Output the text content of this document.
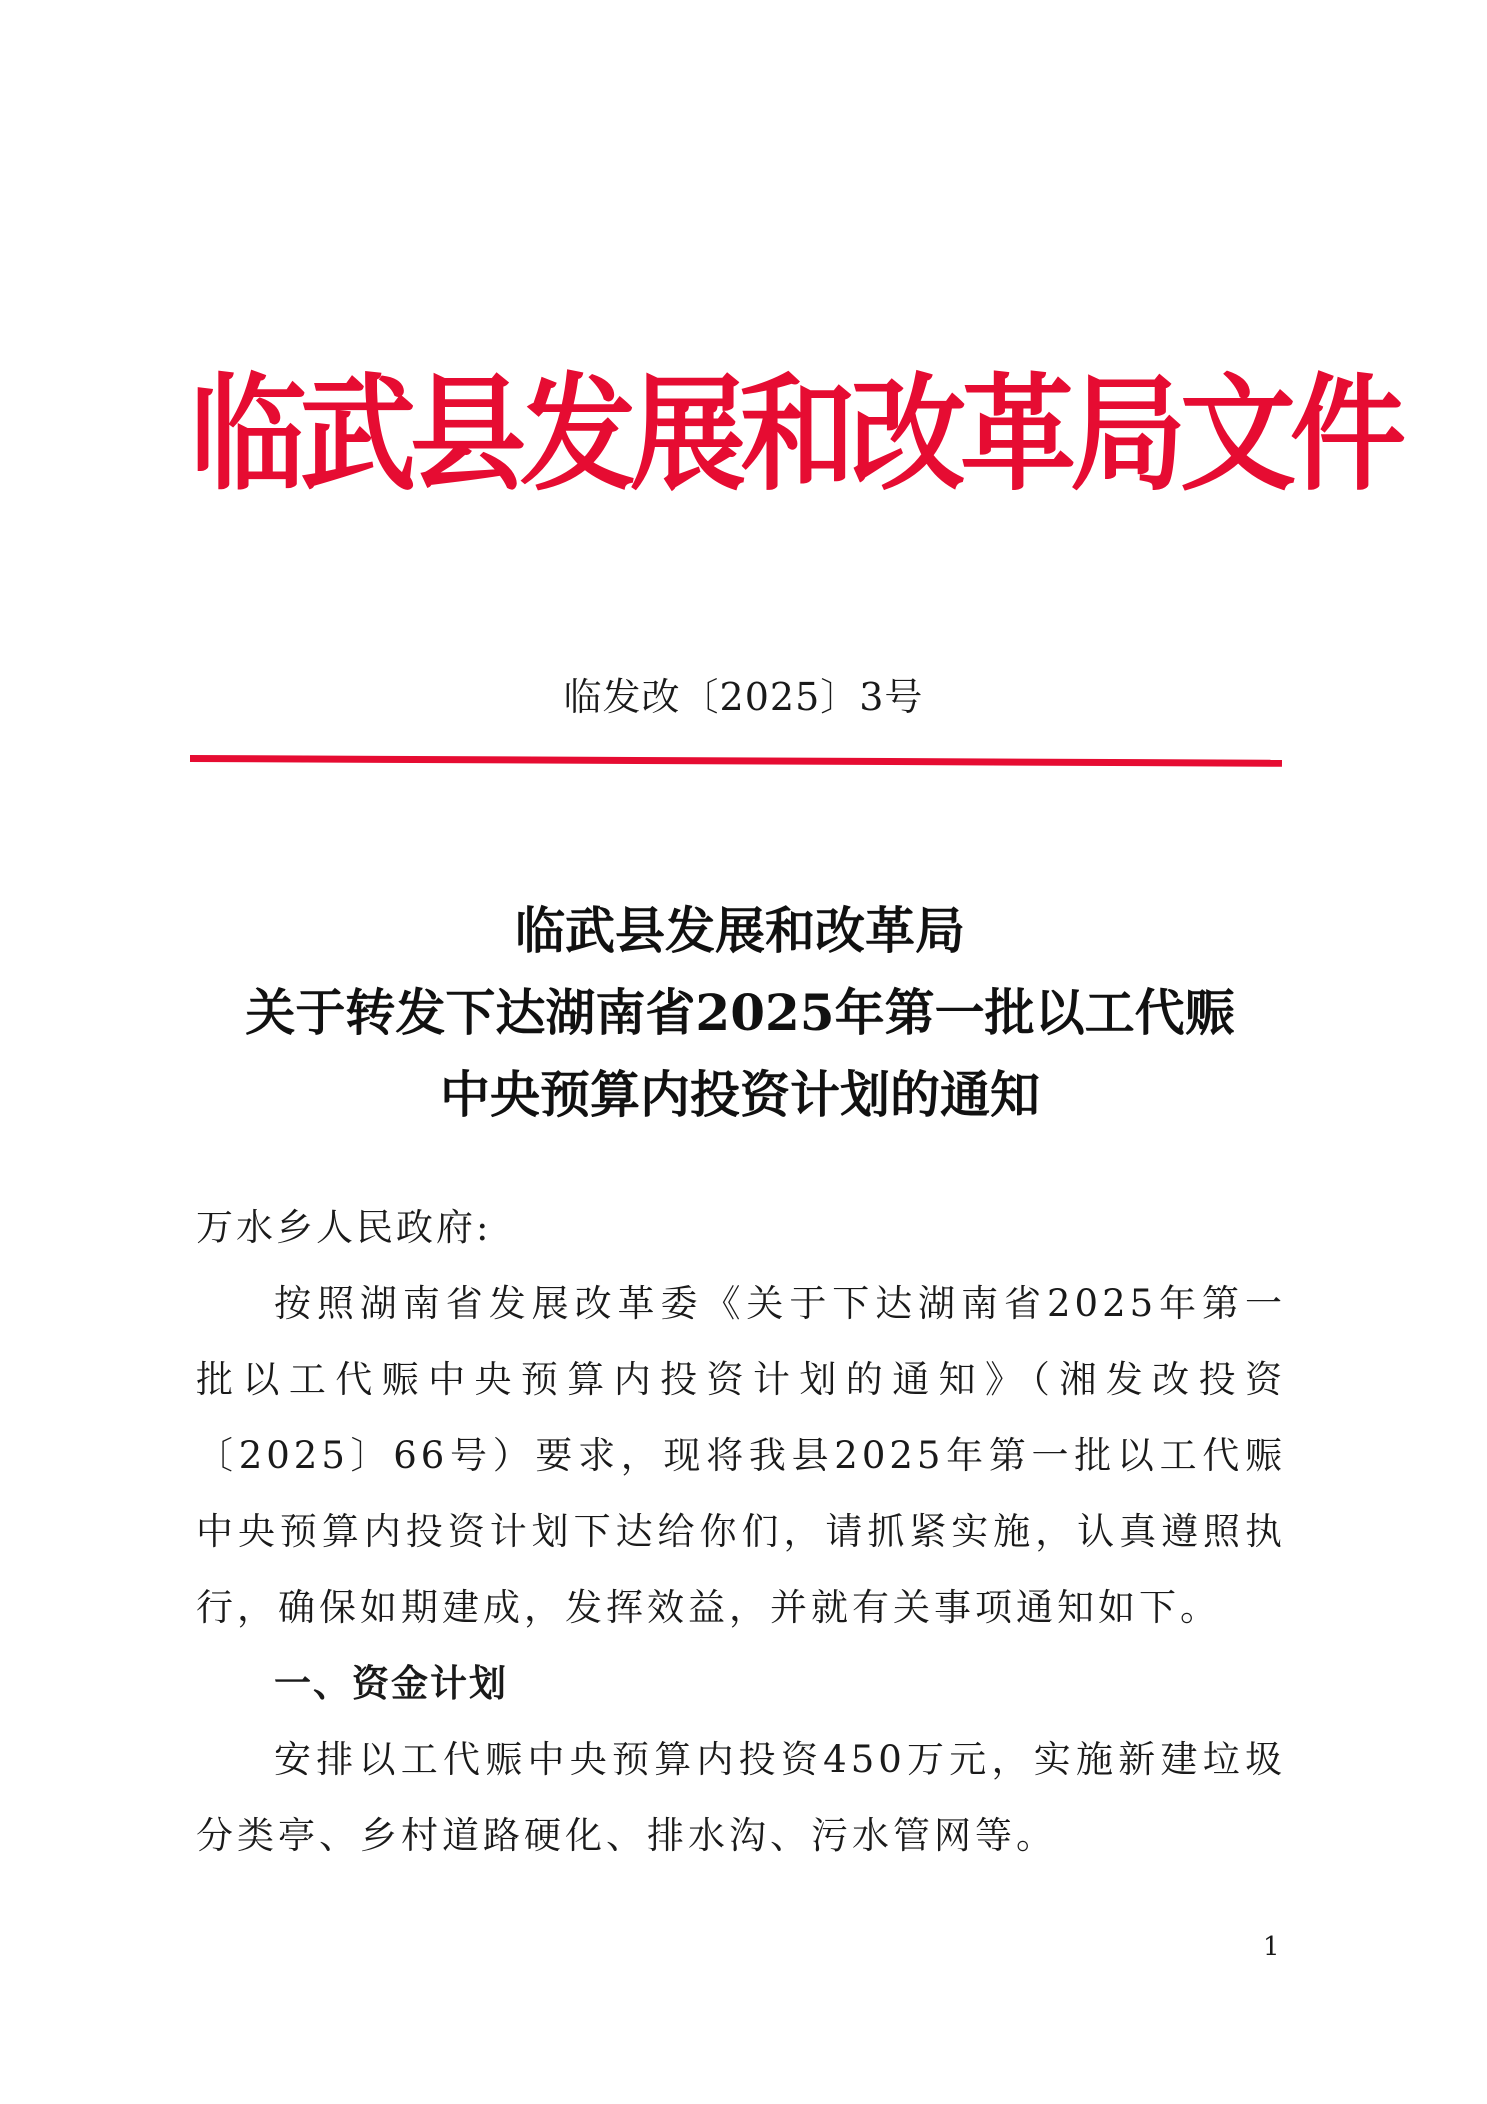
临武县发展和改革局文件
临发改〔2025〕3号
临武县发展和改革局
关于转发下达湖南省2025年第一批以工代赈
中央预算内投资计划的通知

万水乡人民政府:

按照湖南省发展改革委《关于下达湖南省2025年第一批以工代赈中央预算内投资计划的通知》（湘发改投资〔2025〕66号）要求，现将我县2025年第一批以工代赈中央预算内投资计划下达给你们，请抓紧实施，认真遵照执行，确保如期建成，发挥效益，并就有关事项通知如下。

一、资金计划

安排以工代赈中央预算内投资450万元，实施新建垃圾分类亭、乡村道路硬化、排水沟、污水管网等。

1
